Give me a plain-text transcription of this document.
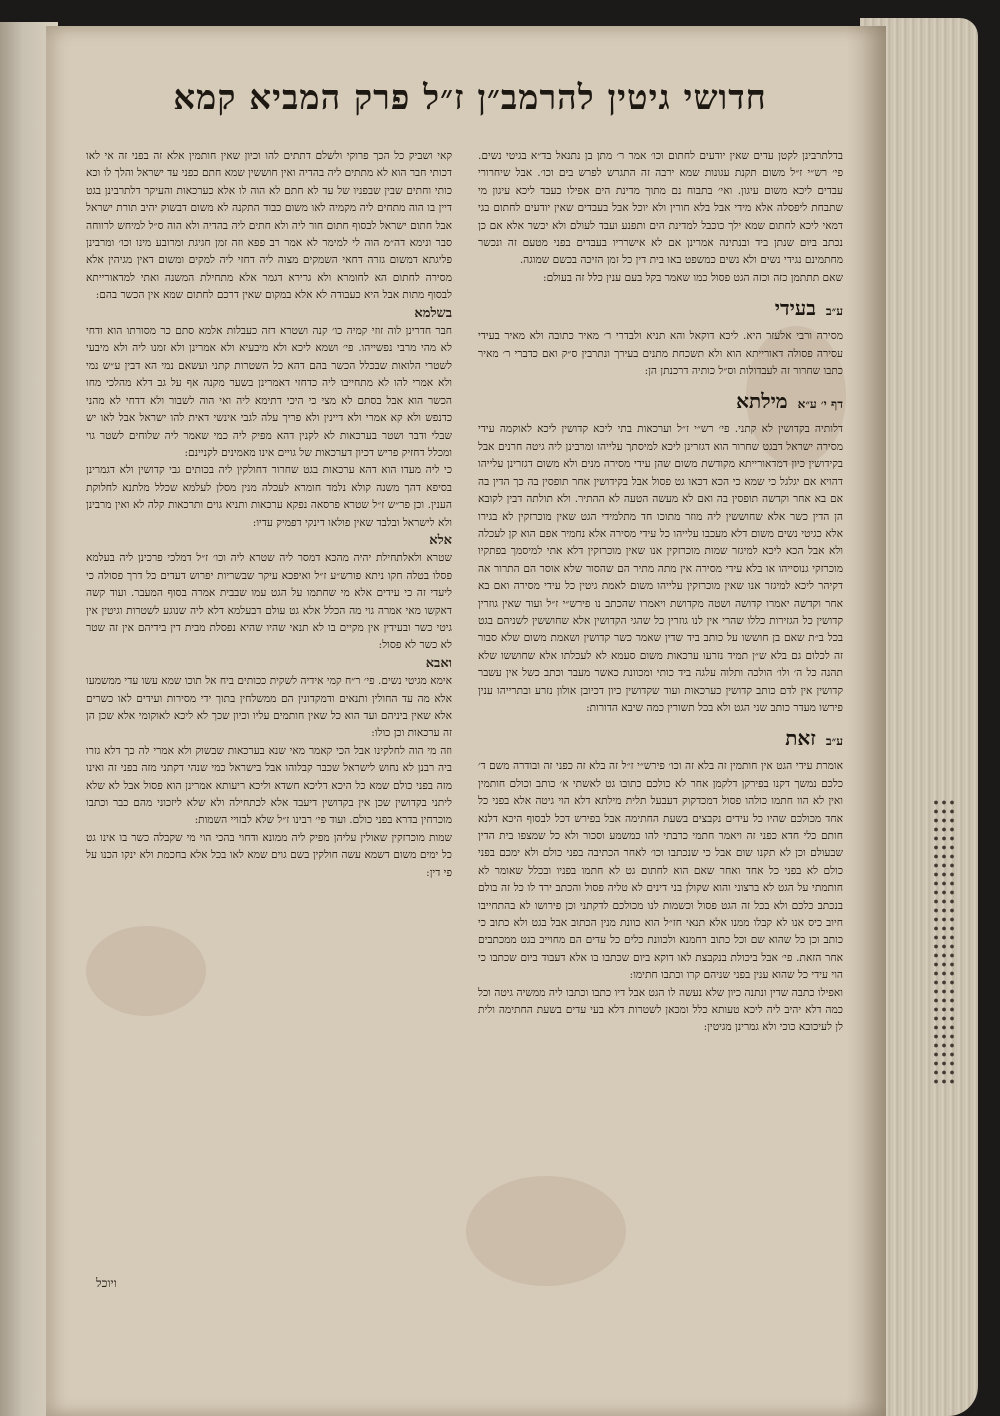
חדושי גיטין להרמב״ן ז״ל פרק המביא קמא

בדלתרבינן לקטן עדים שאין יודעים לחתום וכו׳ אמר ר׳ מתן בן נתנאל בד״א בגיטי נשים. פי׳ רש״י ז״ל משום תקנת עגונות שמא ירבה זה התגרש לפרש בים וכו׳. אבל שיחרורי עבדים ליכא משום עיגון. ואי׳ בתבוח נם מתוך מדינת הים אפילו כעבד ליכא עיגון מי שתבחת ליפסלה אלא מידי אבל בלא חורין ולא יוכל אבל בעבדים שאין יודעים לחתום בגי דמאי ליכא לחתום שמא ילך כוכבל למדינת הים ותפנע ועבד לעולם ולא יכשר אלא אם כן נכתב ביום שנתן ביד ובנתינה אמרינן אם לא אישרריו בעבדים בפני מטעם זה ונכשר מחתמינם נגידי נשים ולא נשים כמשפט באו בית דין כל זמן הזיכה בכשם שמוגה.

שאם תתתמן כזה וכזה הגט פסול כמו שאמר בקל בעם ענין כלל זה בעולם:

ע״בבעידי

מסירה ורבי אלעזר היא. ליכא דוקאל והא תניא ולבדרי ר׳ מאיר כתובה ולא מאיר בעידי עסירה פסולה דאורייתא הוא ולא תשכחת מתנים בעירך ונתרבין ס״ק ואם כדברי ר׳ מאיר כתבו שחרור זה לעבדולות וס״ל כותיה דרכנתן הן:

דף י׳ ע״אמילתא

דלותיה בקדושין לא קתני. פי׳ רש״י ז״ל וערכאות בתי ליכא קדושין ליכא לאוקמה עידי מסירה ישראל דבגט שחרור הוא דגזרינן ליכא למיסתך עלייהו ומרבינן ליה גיטה חרנים אבל בקידושין כיון דמדאורייתא מקודשת משום שהן עידי מסירה מנים ולא משום דגזרינן עלייהו דהויא אם יגלגל כי שמא כי הכא דכאו גט פסול אבל בקידושין אחר תופסין בה כך הדין בה אם בא אחר וקדשה תופסין בה ואם לא מעשה הטעה לא ההתיר. ולא תולתה דבין לקובא הן הדין כשר אלא שחוששין ליה מוזר מתוכו חד מתלמידי הגט שאין מוכרזקין לא בגירו אלא כגיטי נשים משום דלא מעכבו עלייהו כל עידי מסירה אלא נחמיר אפם הוא קן לעכלה ולא אבל הכא ליכא למיגזר שמות מוכרזקין אנו שאין מוכרזקין דלא אתי למיסמך בפתקיו מוכרזקי גנוסייהו או בלא עידי מסירה אין מתה מתיר הם שהסור שלא אוסר הם התרור אה דקיהר ליכא למיגזר אנו שאין מוכרזקין עלייהו משום לאמת גיטין כל עידי מסירה ואם בא אחר וקדשה יאמרו קדושה ושטה מקדושת ויאמרו שהכתב נו פירש״י ז״ל ועוד שאין גוזרין קדושין כל הגזירות כללו שהרי אין לנו גוזרין כל שהגי הקדושין אלא שחוששין לשניהם בגט בכל ב״ת שאם בן חוששו על כותב ביד שדין שאמר כשר קדושין ושאמת משום שלא סבור זה לכלום גם בלא ש״ן תמיד נזרעו ערכאות משום סעמא לא לעכלתו אלא שחוששו שלא תהנה כל ה׳ ולו׳ הולכה ותלוה עלגה ביד כותי ומכוונת כאשר מעבר וכתב כשל אין עשבר קדושין אין לדם כותב קדושין כערכאות ועוד שקדושין כיון דכיובן אולון נזרע ובתרייהו ענין פירשו מעדר כותב שני הגט ולא בכל תשורין כמה שיבא הדורות:

ע״בזאת

אומרת עידי הגט אין חותמין זה בלא זה וכו׳ פירש״י ז״ל זה בלא זה כפני זה ובודרה משם ד׳ כלכם נמשך דקנו בפירקן דלקמן אחר לא כולכם כתובו גט לאשתי א׳ כותב וכולם חותמין ואין לא הוו חתמו כולהו פסול דמכדקוק דעבעל תלית מילתא דלא הוי גיטה אלא בפני כל אחד מכולכם שהיו כל עידים נקבצים בשעת החתימה אבל בפירש דכל לבסוף היכא דלנא חותם כלי חדא כפני זה ויאמר חתמי כרבתי להו כמשמע וסכור ולא כל שמצפו בית הדין שבעולם וכן לא תקנו שום אבל כי שנכתבו וכו׳ לאחר הכתיבה בפני כולם ולא ימכם בפני כולם לא בפני כל אחד ואחר שאם הוא לחתום גט לא חתמו בפניו ובכלל שאומר לא חותמתי על הגט לא ברצוני והוא שקולן בני דינים לא טליה פסול והכתב ירד לו כל זה בולם בנכתב כלכם ולא בכל זה הגט פסול וכשמות לנו מכולכם לדקתני וכן פירושו לא בהתחייבו חיוב כיס אנו לא קבלו ממנו אלא תנאי חז״ל הוא כוונת מנין הכתוב אבל בגט ולא כתוב כי כותב וכן כל שהוא שם וכל כתוב רחמנא ולכוונת כלים כל עדים הם מחוייב בגט ממכתבים אחר הזאת. פי׳ אבל ביכולת בנקבצת לאו דוקא ביום שכתבו בו אלא דעבוד ביום שכתבו כי הוי עידי כל שהוא ענין בפני שניהם קרו וכתבו חתימו:

ואפילו כתבה שדין ונתנה כיון שלא נעשה לו הגט אבל דיו כתבו וכתבו ליה ממשיה גיטה וכל כמה דלא יהיב ליה ליכא טעותא כלל ומכאן לשטרות דלא בעי עדים בשעת החתימה ולית לן לעיכובא כוכי ולא גמרינן מגיטין:

קאי ושביק כל הכך פרוקי ולשלם דתתים להו וכיון שאין חותמין אלא זה בפני זה אי לאו דכותי חבר הוא לא מתתים ליה בהדיה ואין חוששין שמא חתם כפני עד ישראל והלך לו וכא כותי וחתים שבין שבפניו של עד לא חתם לא הוה לו אלא כערכאות והעיקר דלתרבינן בגט דיין בו הוה מתחים ליה מקמיה לאו משום כבוד התקנה לא משום דבשוק יהיב תורת ישראל אבל חתום ישראל לבסוף חתום חור ליה ולא חתים ליה בהדיה ולא הוה ס״ל למיחש לרווחה סבר ונימא דה״מ הוה לי למימר לא אמר רב פפא וזה זמן חגיגת ומרובע מינו וכו׳ ומרבינן פליגתא דמשום גזרה דחאי השמקים מצוה ליה דחזי ליה למקים ומשום דאין מגיהין אלא מסירה לחתום הא לחומרא ולא גרירא דגמר אלא מתחילת המשנה ואתי למדאורייתא לבסוף מתות אבל היא כעבודה לא אלא במקום שאין דרכם לחתום שמא אין הכשר בהם:

בשלמא

חבר חדרינן לוה זוזי קמיה כו׳ קנה ושטרא דזה כעבלות אלמא סתם כר מסורתו הוא ודחי לא מהי מרבי נפשייהו. פי׳ ושמא ליכא ולא מיבעיא ולא אמרינן ולא זמנו ליה ולא מיבעי לשטרי הלואות שבכלל הכשר בהם דהא כל השטרות קתני ועשאם נמי הא דבין ע״ש נמי ולא אמרי להו לא מתחייבו ליה כדחזי דאמרינן בשער מקנה אף על גב דלא מהלכי מחו הכשר הוא אבל בסתם לא מצי כי היכי דתימא ליה ואי הוה לשבור ולא דדחי לא מהני כדנפש ולא קא אמרי ולא דיינין ולא פריך עלה לגבי אינשי דאית להו ישראל אבל לאו יש שבלי ודבר ושטר בערכאות לא לקנין דהא מפיק ליה כמי שאמר ליה שלוחים לשטר גוי ומכלל דחזיק פריש דכיון דערכאות של גויים אינו מאמינים לקניינם:

כי ליה מעדו הוא דהא ערכאות בגט שחרור דחולקין ליה בכותים גבי קדושין ולא דגמרינן בסיפא דהך משנה קולא נלמד חומרא לעכלה מנין מסלן לעלמא שכלל מלתנא לחלוקת הענין. וכן פר״ש ז״ל שטרא פרסאה נפקא ערכאות ותניא גוים ותרכאות קלה לא ואין מרבינן ולא לישראל ובלבד שאין פולאו דינקי דפמיק עדיו:

אלא

שטרא ולאלתחילת יהיה מהכא דמסר ליה שטרא ליה וכו׳ ז״ל דמלכי פרכינן ליה בעלמא פסלו בטלה חקו ניתא פורש״ע ז״ל ואיפכא עיקר שבשריות יפרוש דעדים כל דרך פסולה כי ליעדי זה כי עידים אלא מי שחתמו על הגט עמו שבבית אמרה בסוף המעבר. ועוד קשה דאקשו מאי אמרה גוי מה הכלל אלא גט עולם דבעלמא דלא ליה שנוגע לשטרות וגיטין אין גיטי כשר ובעידין אין מקיים בו לא תנאי שהיו שהיא נפסלת מבית דין בידיהם אין זה שטר לא כשר לא פסול:

ואבא

אימא מגיטי נשים. פי׳ ר״ח קמי אידיה לשקית ככותים ביח אל תוכו שמא עשו עדי ממשמעו אלא מה עד החולין ותנאים ודמקדונין הם ממשלחין בתוך ידי מסירות ועידים לאו כשרים אלא שאין ביניהם ועד הוא כל שאין חותמים עליו וכיון שכך לא ליכא לאוקומי אלא שכן הן זה ערכאות וכן כולו:

וזה מי הוה לחלקינו אבל הכי קאמר מאי שנא בערכאות שבשוק ולא אמרי לה כך דלא גזרו ביה רבנן לא נחוש לישראל שכבר קבלוהו אבל בישראל כמי שנהי דקתני מזה בפני זה ואינו מזה בפני כולם שמא כל היכא דליכא חשדא וליכא ריעותא אמרינן הוא פסול אבל לא שלא ליתני בקדושין שכן אין בקדושין דיעבד אלא לכתחילה ולא שלא ליזכוני מהם כבר וכתבו מוכרחין בדרא בפני כולם. ועוד פי׳ רבינו ז״ל שלא לבזויי השמות:

שמות מוכרזקין שאולין עליהן מפיק ליה ממונא ודחוי בהכי הוי מי שקבלה כשר בו אינו גט כל ימים משום דשמא עשה חולקין בשם גוים שמא לאו בכל אלא בחכמת ולא ינקו הכנו על פי דין:

ויוכל
